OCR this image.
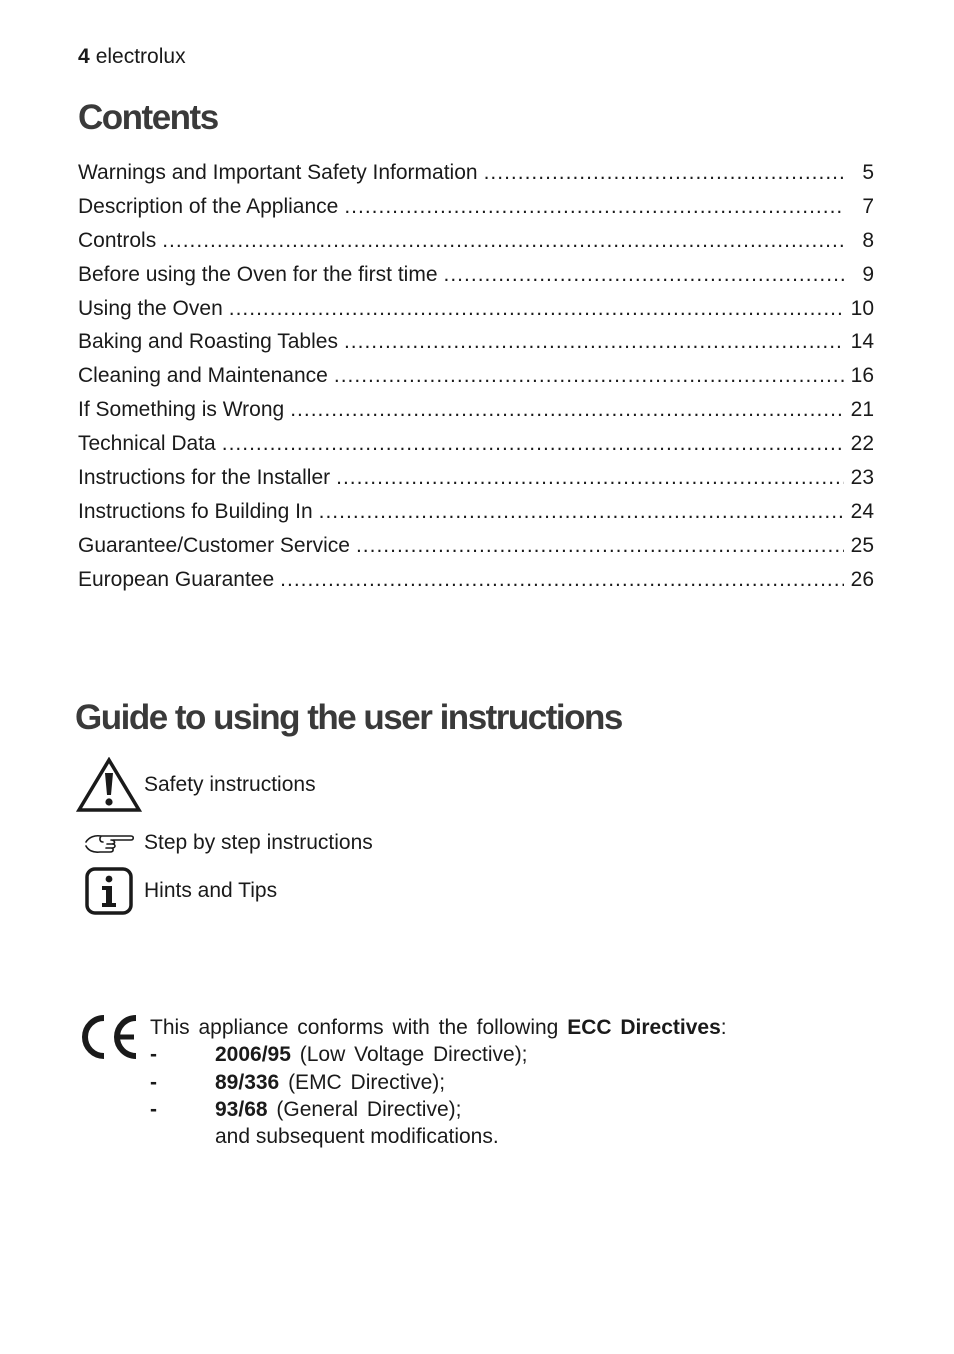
4 electrolux
Contents
Warnings and Important Safety Information .....	5
Description of the Appliance .....	7
Controls .....	8
Before using the Oven for the first time .....	9
Using the Oven .....	10
Baking and Roasting Tables .....	14
Cleaning and Maintenance .....	16
If Something is Wrong .....	21
Technical Data .....	22
Instructions for the Installer .....	23
Instructions fo Building In .....	24
Guarantee/Customer Service .....	25
European Guarantee .....	26
Guide to using the user instructions
Safety instructions
Step by step instructions
Hints and Tips
This appliance conforms with the following ECC Directives:
-	2006/95 (Low Voltage Directive);
-	89/336 (EMC Directive);
-	93/68 (General Directive);
and subsequent modifications.
